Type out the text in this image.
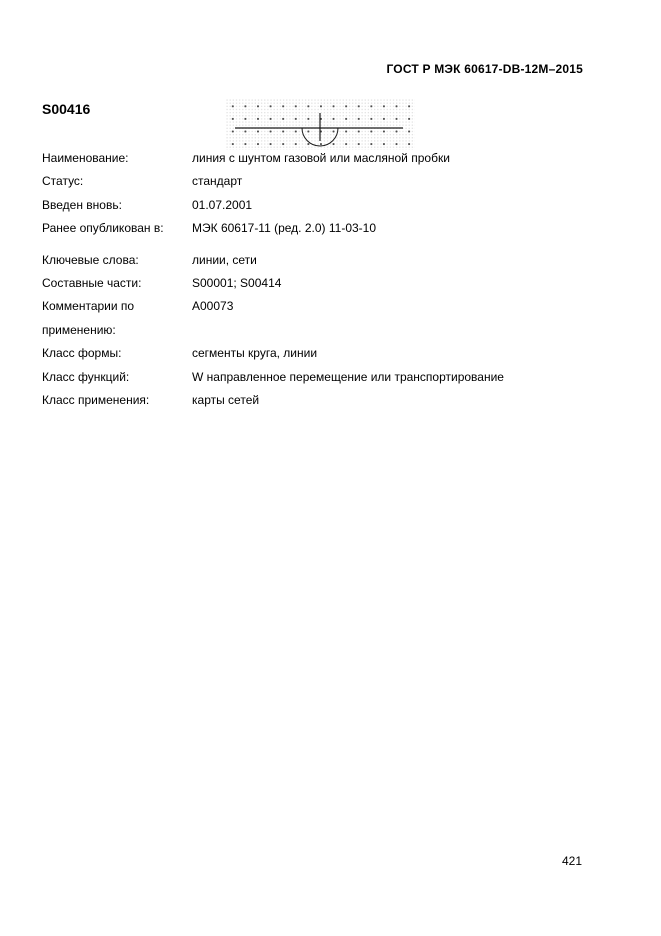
ГОСТ Р МЭК 60617-DB-12M–2015
S00416
Наименование:	линия с шунтом газовой или масляной пробки
Статус:	стандарт
Введен вновь:	01.07.2001
Ранее опубликован в:	МЭК 60617-11 (ред. 2.0) 11-03-10
Ключевые слова:	линии, сети
Составные части:	S00001; S00414
Комментарии по применению:
A00073
Класс формы:	сегменты круга, линии
Класс функций:	W направленное перемещение или транспортирование
Класс применения:	карты сетей
421
